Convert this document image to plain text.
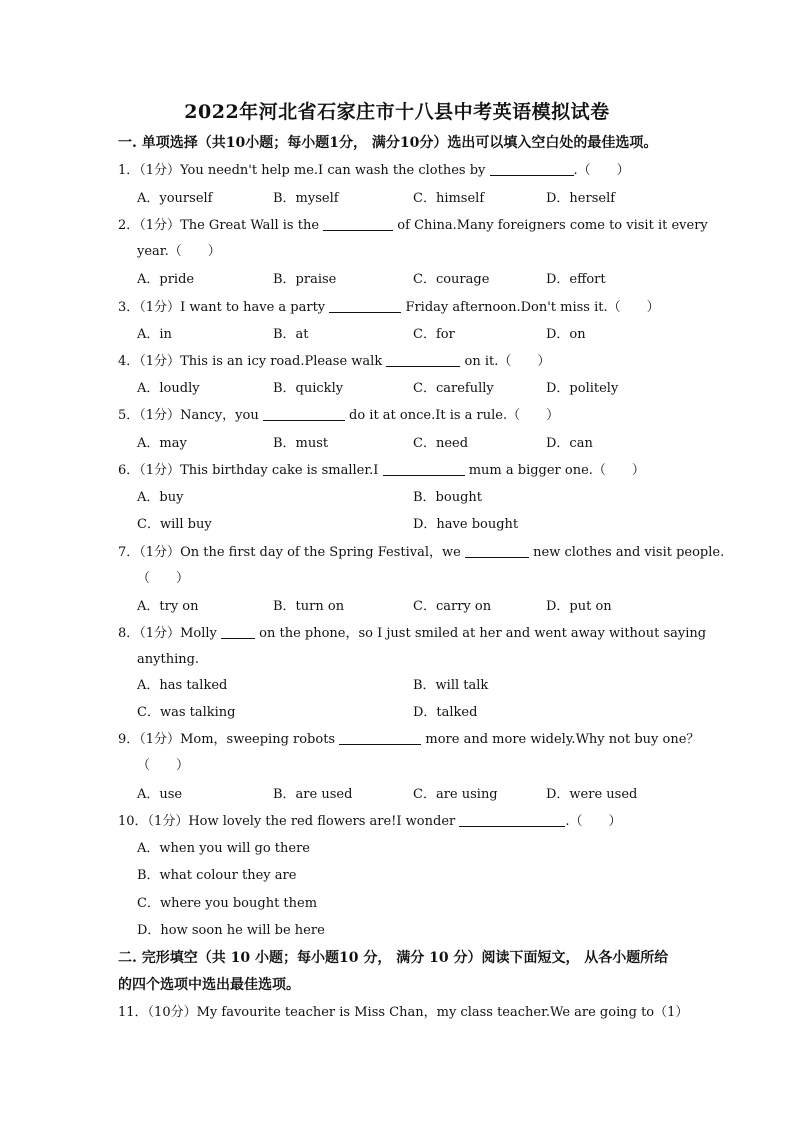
2022年河北省石家庄市十八县中考英语模拟试卷
一. 单项选择（共10小题；每小题1分， 满分10分）选出可以填入空白处的最佳选项。
1．（1分）You needn't help me.I can wash the clothes by	.（　　）
A．yourself	B．myself	C．himself	D．herself
2．（1分）The Great Wall is the	of China.Many foreigners come to visit it every
year.（　　）
A．pride	B．praise	C．courage	D．effort
3．（1分）I want to have a party	Friday afternoon.Don't miss it.（　　）
A．in	B．at	C．for	D．on
4．（1分）This is an icy road.Please walk	on it.（　　）
A．loudly	B．quickly	C．carefully	D．politely
5．（1分）Nancy，you	do it at once.It is a rule.（　　）
A．may	B．must	C．need	D．can
6．（1分）This birthday cake is smaller.I	mum a bigger one.（　　）
A．buy	B．bought
C．will buy	D．have bought
7．（1分）On the first day of the Spring Festival，we	new clothes and visit people.
（　　）
A．try on	B．turn on	C．carry on	D．put on
8．（1分）Molly	on the phone，so I just smiled at her and went away without saying
anything.
A．has talked	B．will talk
C．was talking	D．talked
9．（1分）Mom，sweeping robots	more and more widely.Why not buy one？
（　　）
A．use	B．are used	C．are using	D．were used
10．（1分）How lovely the red flowers are!I wonder	.（　　）
A．when you will go there
B．what colour they are
C．where you bought them
D．how soon he will be here
二. 完形填空（共 10 小题；每小题10 分， 满分 10 分）阅读下面短文， 从各小题所给
的四个选项中选出最佳选项。
11．（10分）My favourite teacher is Miss Chan，my class teacher.We are going to（1）
